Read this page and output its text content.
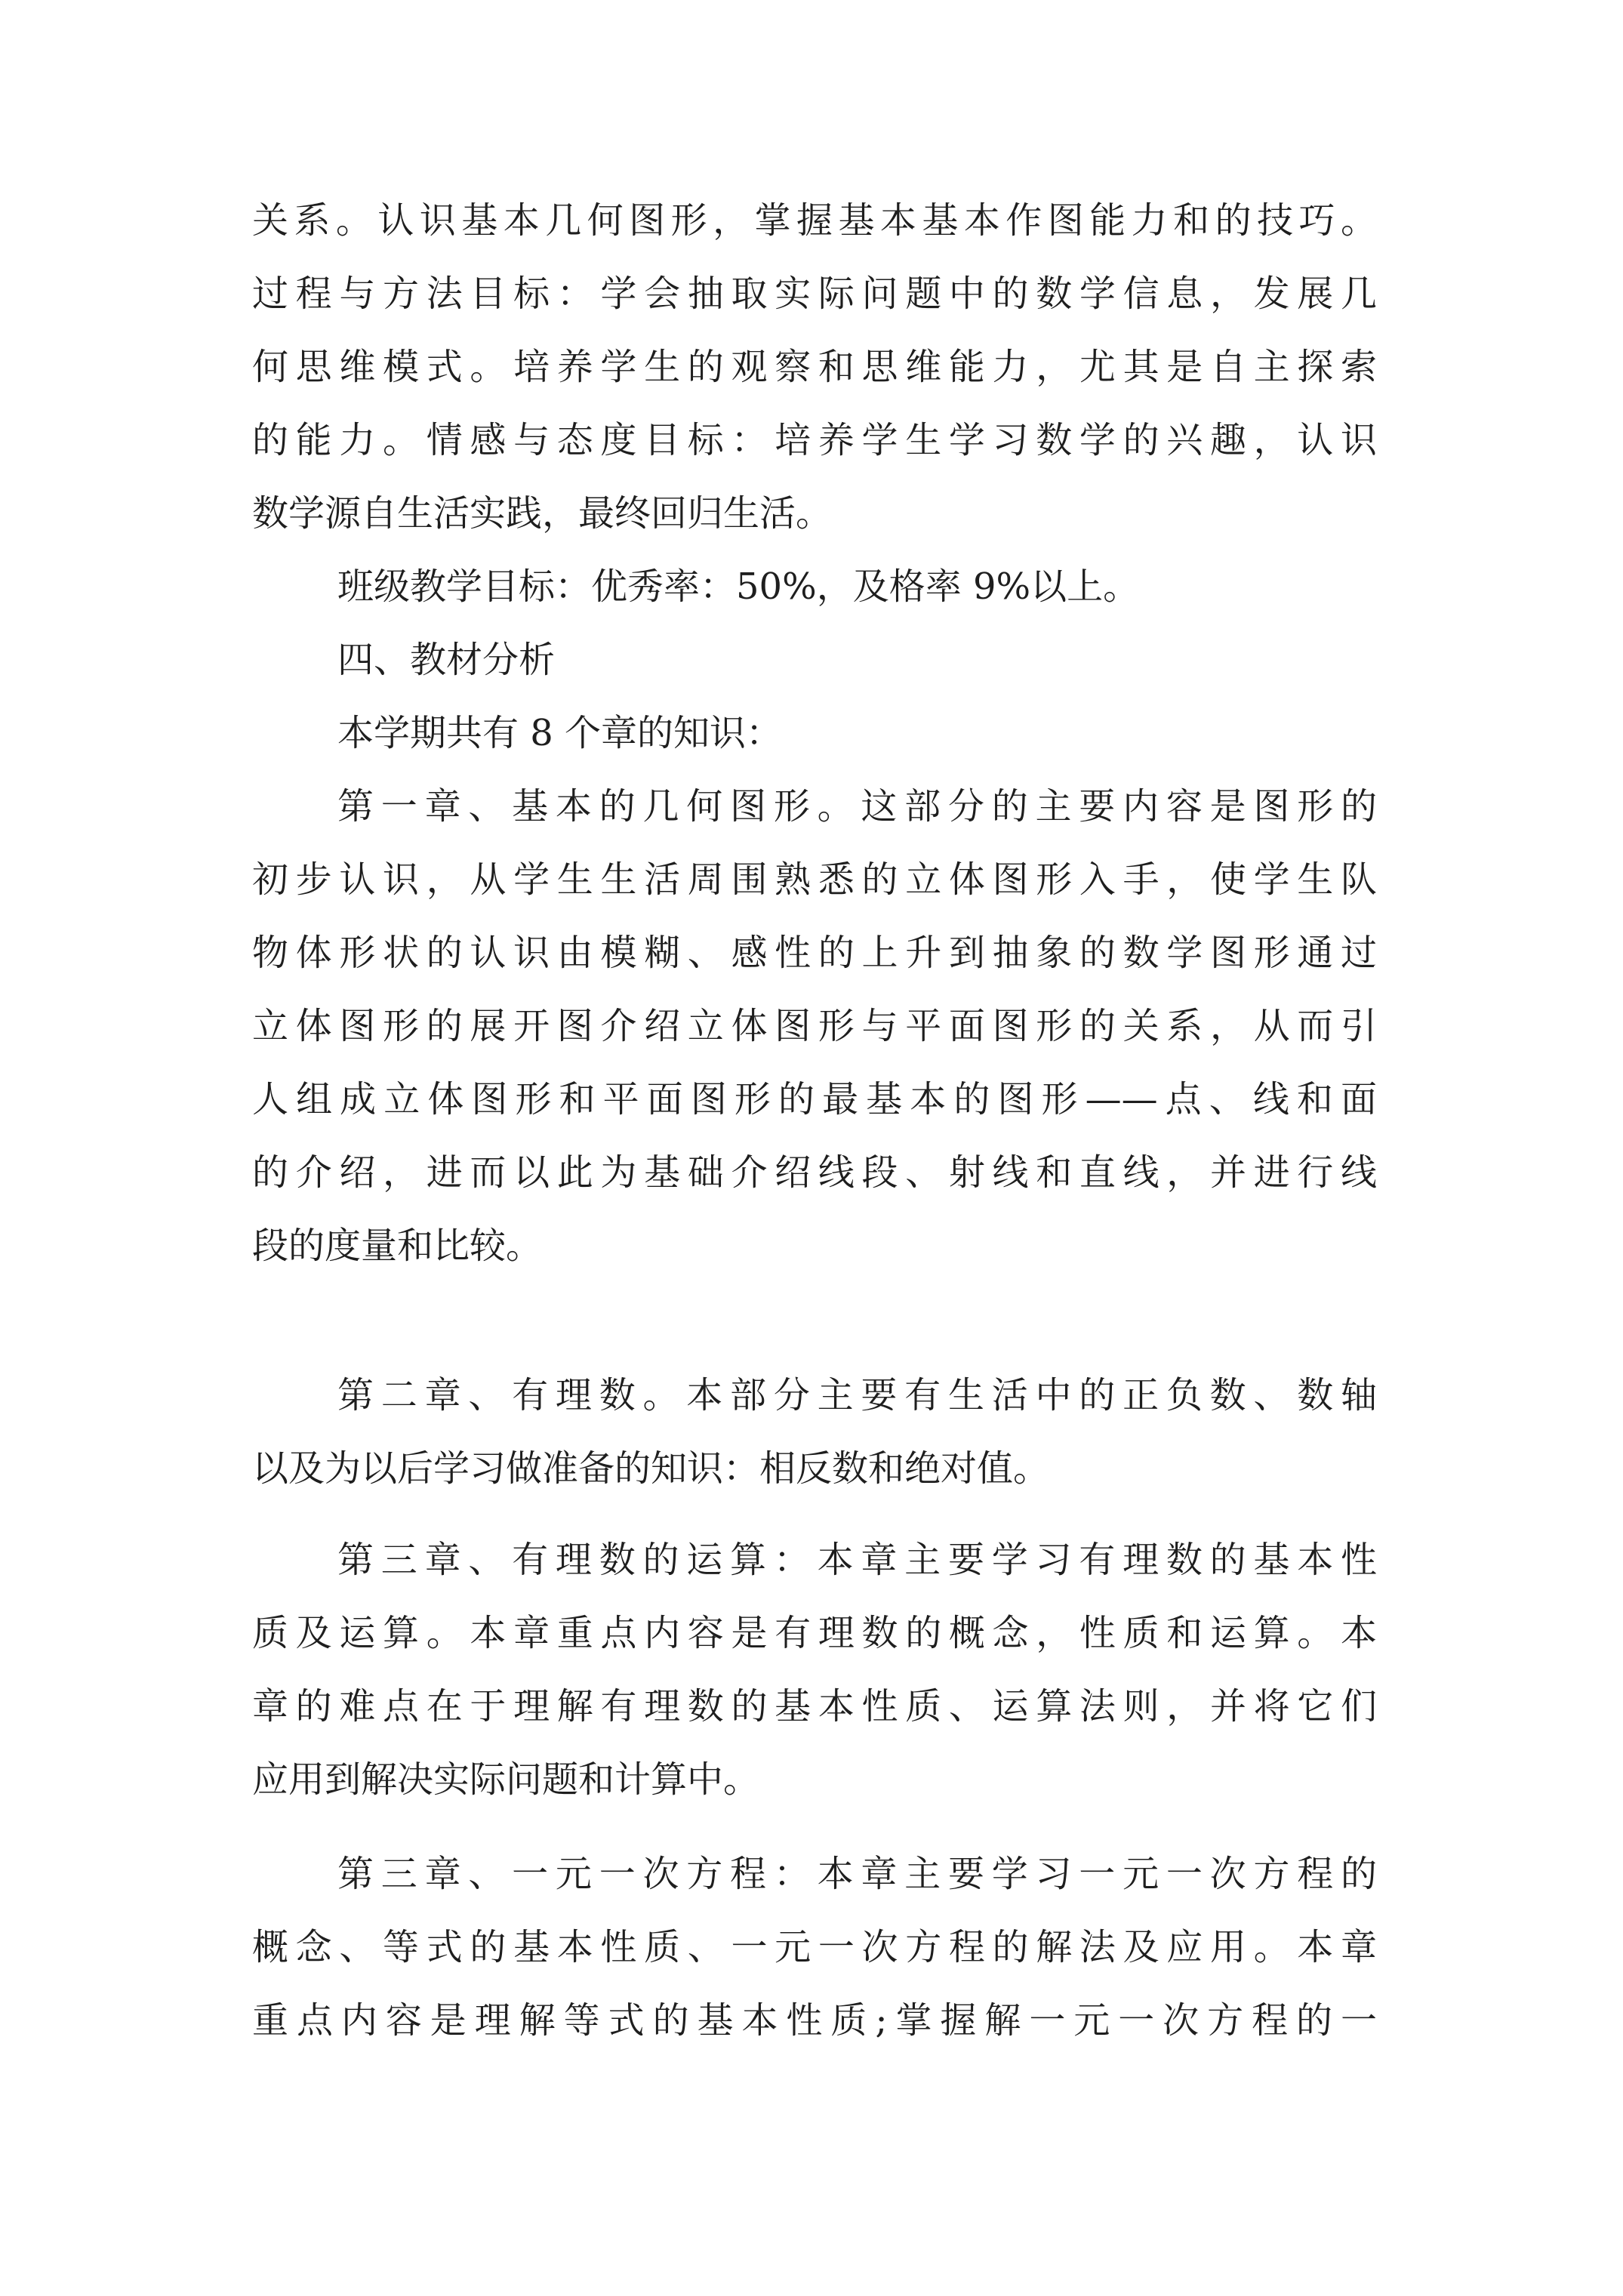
关系。认识基本几何图形，掌握基本基本作图能力和的技巧。
过程与方法目标：学会抽取实际问题中的数学信息，发展几
何思维模式。培养学生的观察和思维能力，尤其是自主探索
的能力。情感与态度目标：培养学生学习数学的兴趣，认识
数学源自生活实践，最终回归生活。
班级教学目标：优秀率：50%，及格率 9%以上。
四、教材分析
本学期共有 8 个章的知识：
第一章、基本的几何图形。这部分的主要内容是图形的
初步认识，从学生生活周围熟悉的立体图形入手，使学生队
物体形状的认识由模糊、感性的上升到抽象的数学图形通过
立体图形的展开图介绍立体图形与平面图形的关系，从而引
人组成立体图形和平面图形的最基本的图形——点、线和面
的介绍，进而以此为基础介绍线段、射线和直线，并进行线
段的度量和比较。
第二章、有理数。本部分主要有生活中的正负数、数轴
以及为以后学习做准备的知识：相反数和绝对值。
第三章、有理数的运算：本章主要学习有理数的基本性
质及运算。本章重点内容是有理数的概念，性质和运算。本
章的难点在于理解有理数的基本性质、运算法则，并将它们
应用到解决实际问题和计算中。
第三章、一元一次方程：本章主要学习一元一次方程的
概念、等式的基本性质、一元一次方程的解法及应用。本章
重点内容是理解等式的基本性质;掌握解一元一次方程的一
